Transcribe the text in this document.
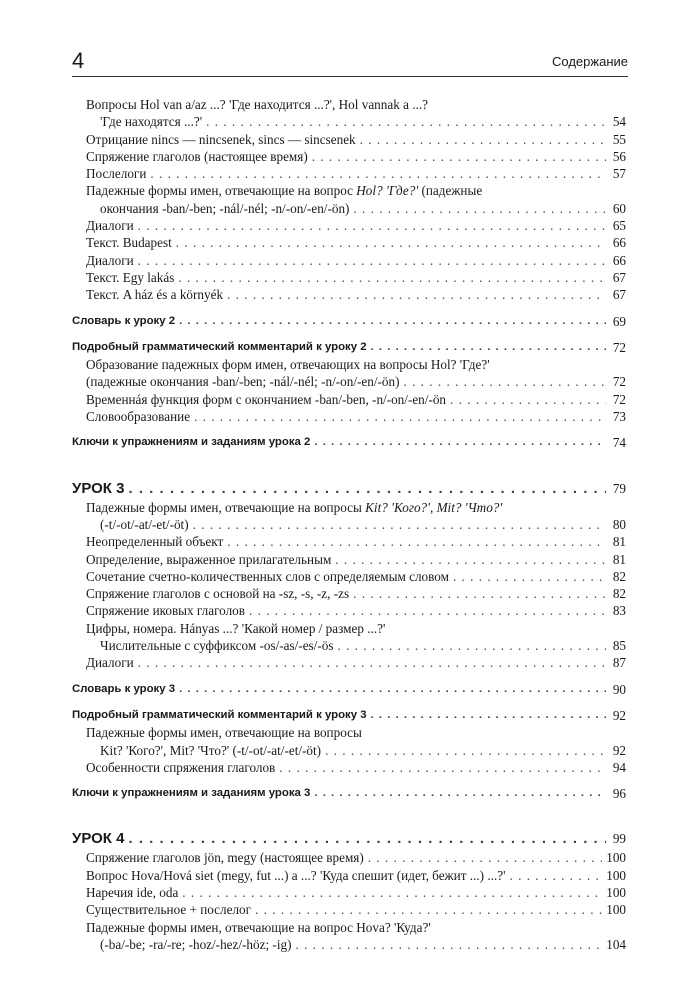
4	Содержание
Вопросы Hol van a/az ...? 'Где находится ...?', Hol vannak a ...?
'Где находятся ...?' . . .	54
Отрицание nincs — nincsenek, sincs — sincsenek . . .	55
Спряжение глаголов (настоящее время) . . .	56
Послелоги . . .	57
Падежные формы имен, отвечающие на вопрос Hol? 'Где?' (падежные
окончания -ban/-ben; -nál/-nél; -n/-on/-en/-ön) . . .	60
Диалоги . . .	65
Текст. Budapest . . .	66
Диалоги . . .	66
Текст. Egy lakás . . .	67
Текст. A ház és a környék . . .	67
Словарь к уроку 2 . . .	69
Подробный грамматический комментарий к уроку 2 . . .	72
Образование падежных форм имен, отвечающих на вопросы Hol? 'Где?'
(падежные окончания -ban/-ben; -nál/-nél; -n/-on/-en/-ön) . . .	72
Временнáя функция форм с окончанием -ban/-ben, -n/-on/-en/-ön . . .	72
Словообразование . . .	73
Ключи к упражнениям и заданиям урока 2 . . .	74
УРОК 3 . . .	79
Падежные формы имен, отвечающие на вопросы Kit? 'Кого?', Mit? 'Что?'
(-t/-ot/-at/-et/-öt) . . .	80
Неопределенный объект . . .	81
Определение, выраженное прилагательным . . .	81
Сочетание счетно-количественных слов с определяемым словом . . .	82
Спряжение глаголов с основой на -sz, -s, -z, -zs . . .	82
Спряжение иковых глаголов . . .	83
Цифры, номера. Hányas ...? 'Какой номер / размер ...?'
Числительные с суффиксом -os/-as/-es/-ös . . .	85
Диалоги . . .	87
Словарь к уроку 3 . . .	90
Подробный грамматический комментарий к уроку 3 . . .	92
Падежные формы имен, отвечающие на вопросы
Kit? 'Кого?', Mit? 'Что?' (-t/-ot/-at/-et/-öt) . . .	92
Особенности спряжения глаголов . . .	94
Ключи к упражнениям и заданиям урока 3 . . .	96
УРОК 4 . . .	99
Спряжение глаголов jön, megy (настоящее время) . . .	100
Вопрос Hova/Hová siet (megy, fut ...) a ...? 'Куда спешит (идет, бежит ...) ...?' . . .	100
Наречия ide, oda . . .	100
Существительное + послелог . . .	100
Падежные формы имен, отвечающие на вопрос Hova? 'Куда?'
(-ba/-be; -ra/-re; -hoz/-hez/-höz; -ig) . . .	104
